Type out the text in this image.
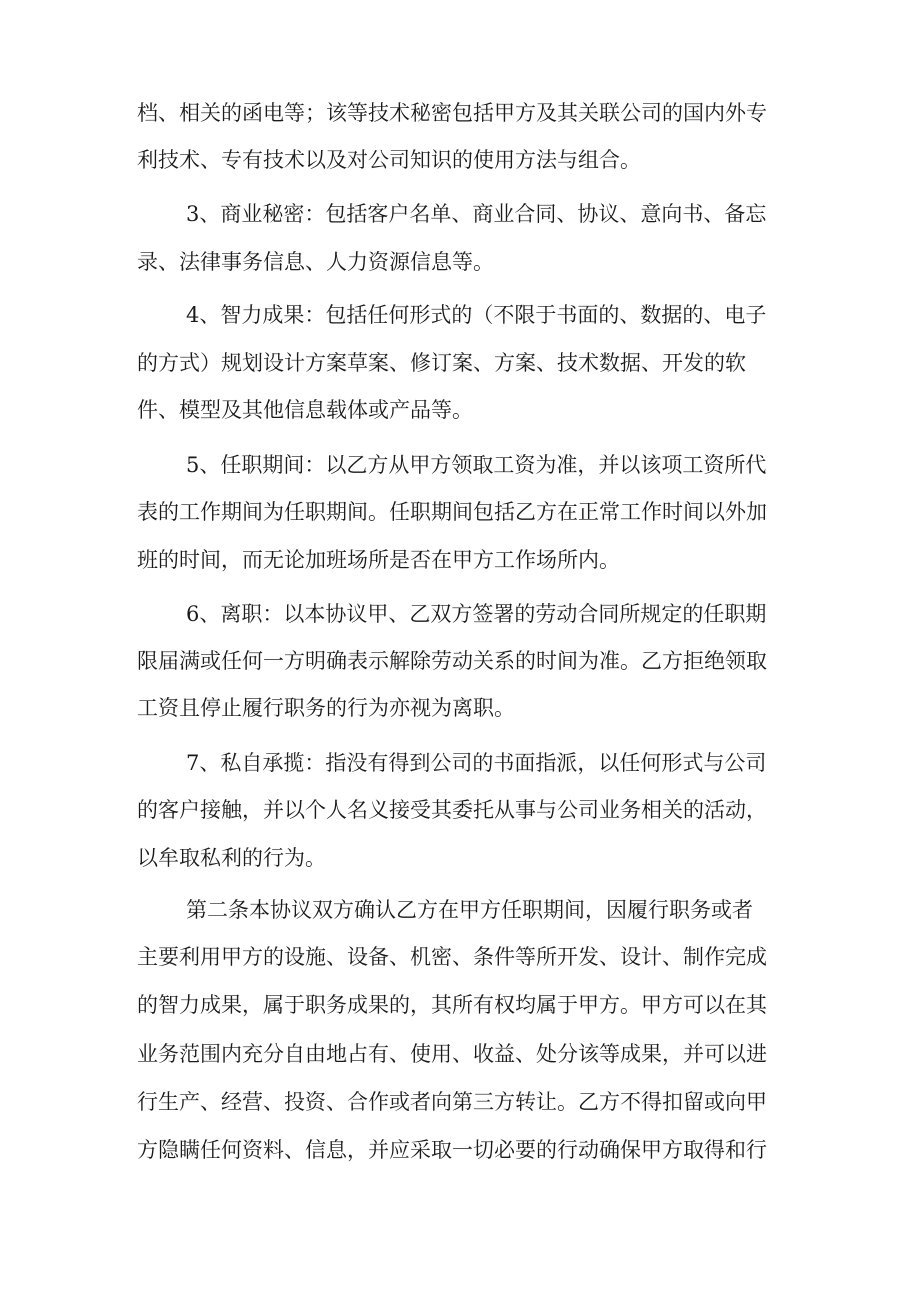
档、相关的函电等；该等技术秘密包括甲方及其关联公司的国内外专
利技术、专有技术以及对公司知识的使用方法与组合。
3、商业秘密：包括客户名单、商业合同、协议、意向书、备忘
录、法律事务信息、人力资源信息等。
4、智力成果：包括任何形式的（不限于书面的、数据的、电子
的方式）规划设计方案草案、修订案、方案、技术数据、开发的软
件、模型及其他信息载体或产品等。
5、任职期间：以乙方从甲方领取工资为准，并以该项工资所代
表的工作期间为任职期间。任职期间包括乙方在正常工作时间以外加
班的时间，而无论加班场所是否在甲方工作场所内。
6、离职：以本协议甲、乙双方签署的劳动合同所规定的任职期
限届满或任何一方明确表示解除劳动关系的时间为准。乙方拒绝领取
工资且停止履行职务的行为亦视为离职。
7、私自承揽：指没有得到公司的书面指派，以任何形式与公司
的客户接触，并以个人名义接受其委托从事与公司业务相关的活动，
以牟取私利的行为。
第二条本协议双方确认乙方在甲方任职期间，因履行职务或者
主要利用甲方的设施、设备、机密、条件等所开发、设计、制作完成
的智力成果，属于职务成果的，其所有权均属于甲方。甲方可以在其
业务范围内充分自由地占有、使用、收益、处分该等成果，并可以进
行生产、经营、投资、合作或者向第三方转让。乙方不得扣留或向甲
方隐瞒任何资料、信息，并应采取一切必要的行动确保甲方取得和行
